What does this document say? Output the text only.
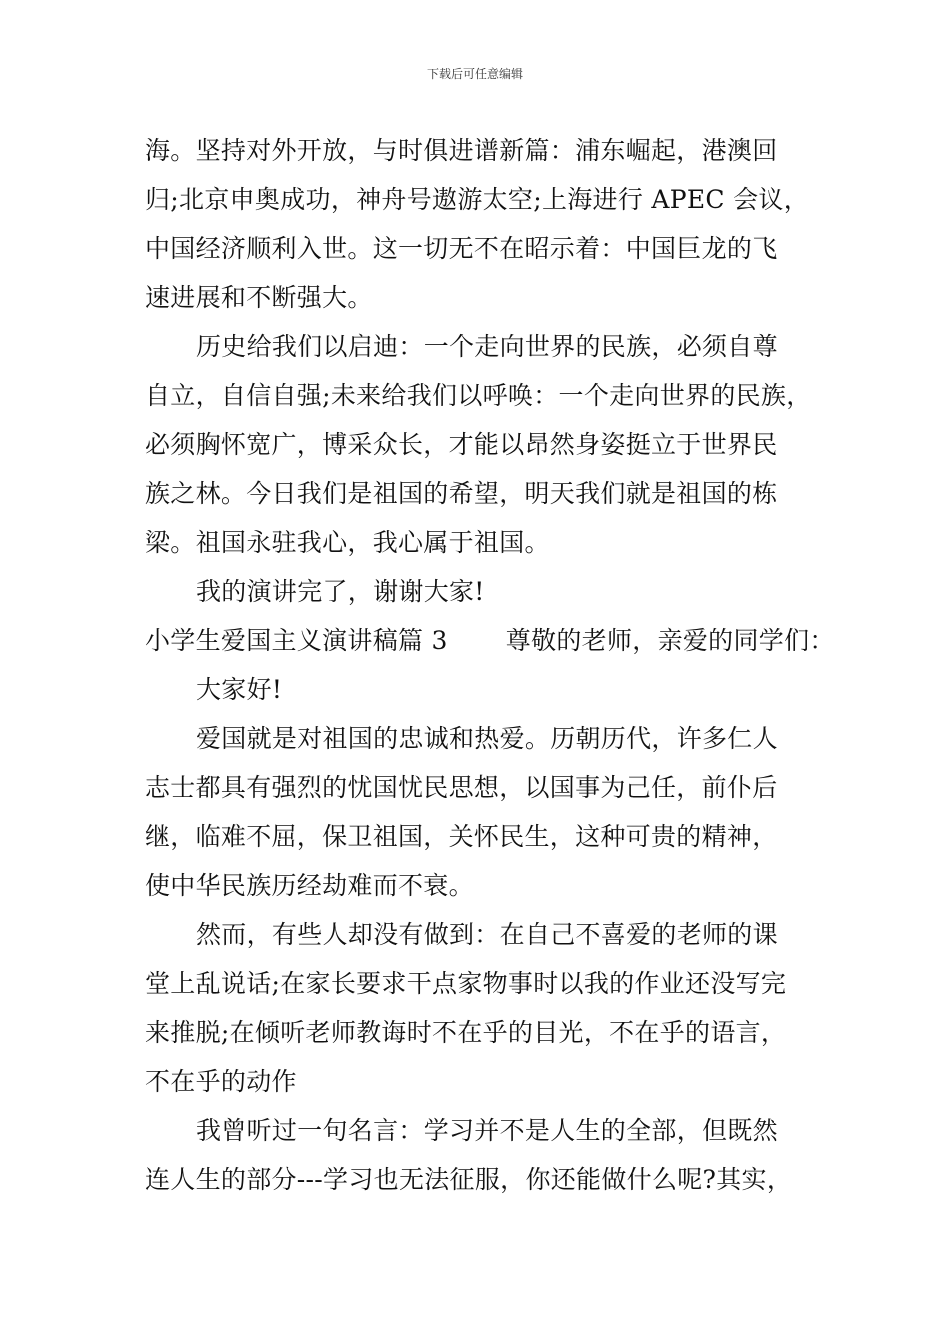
下载后可任意编辑
海。坚持对外开放，与时俱进谱新篇：浦东崛起，港澳回
归;北京申奥成功，神舟号遨游太空;上海进行 APEC 会议，
中国经济顺利入世。这一切无不在昭示着：中国巨龙的飞
速进展和不断强大。
历史给我们以启迪：一个走向世界的民族，必须自尊
自立，自信自强;未来给我们以呼唤：一个走向世界的民族，
必须胸怀宽广，博采众长，才能以昂然身姿挺立于世界民
族之林。今日我们是祖国的希望，明天我们就是祖国的栋
梁。祖国永驻我心，我心属于祖国。
我的演讲完了，谢谢大家!
小学生爱国主义演讲稿篇 3 尊敬的老师，亲爱的同学们：
大家好!
爱国就是对祖国的忠诚和热爱。历朝历代，许多仁人
志士都具有强烈的忧国忧民思想，以国事为己任，前仆后
继，临难不屈，保卫祖国，关怀民生，这种可贵的精神，
使中华民族历经劫难而不衰。
然而，有些人却没有做到：在自己不喜爱的老师的课
堂上乱说话;在家长要求干点家物事时以我的作业还没写完
来推脱;在倾听老师教诲时不在乎的目光，不在乎的语言，
不在乎的动作
我曾听过一句名言：学习并不是人生的全部，但既然
连人生的部分---学习也无法征服，你还能做什么呢?其实，
